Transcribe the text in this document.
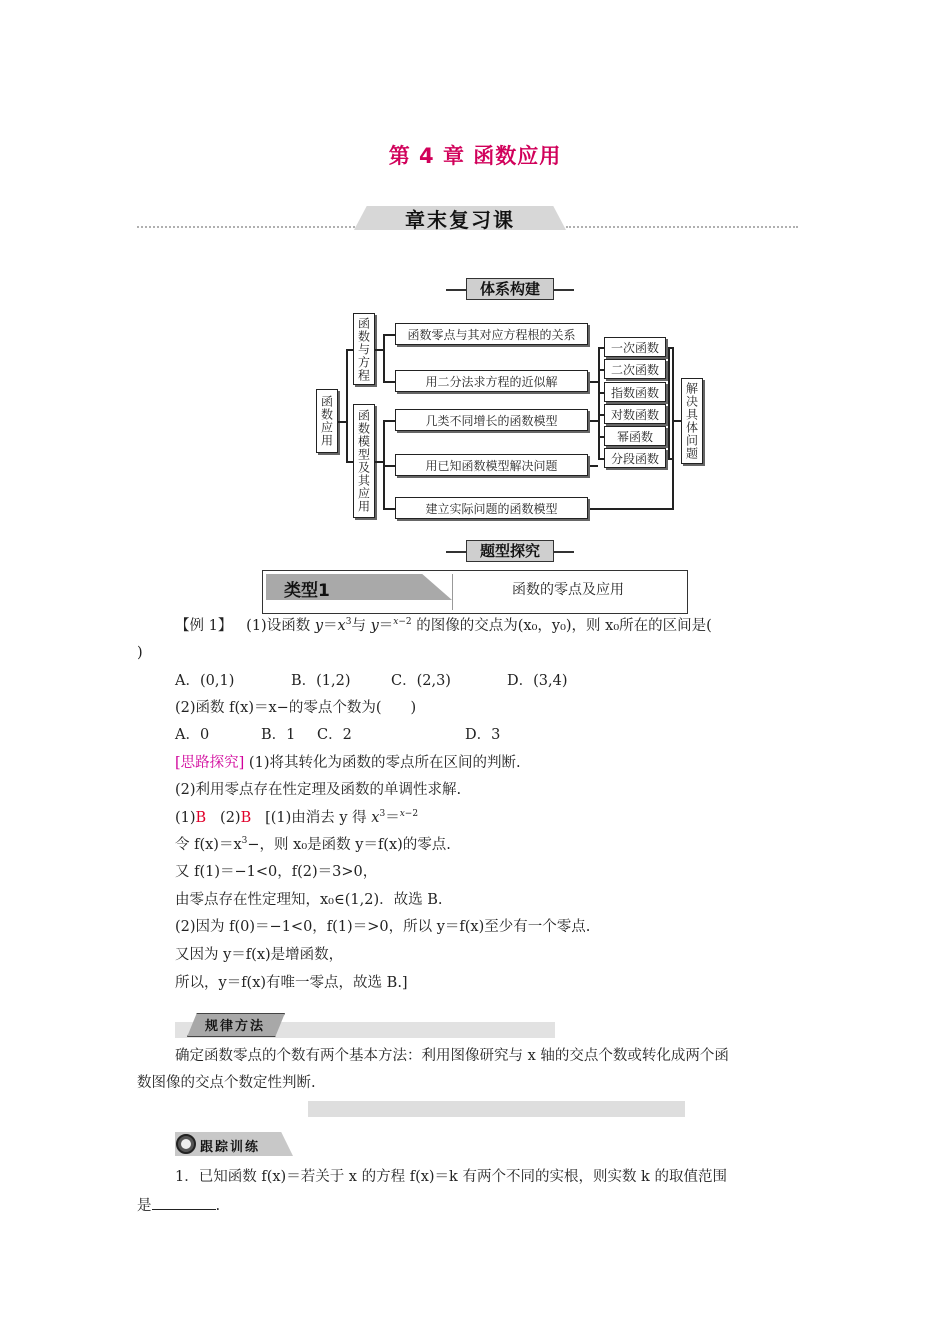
第 4 章 函数应用
章末复习课
体系构建
函数应用
函数与方程
函数模型及其应用
函数零点与其对应方程根的关系
用二分法求方程的近似解
几类不同增长的函数模型
用已知函数模型解决问题
建立实际问题的函数模型
一次函数
二次函数
指数函数
对数函数
幂函数
分段函数	解决具体问题
题型探究
类型1	函数的零点及应用
【例 1】 (1)设函数 $y=x^3$与 y＝$^{x-2}$ 的图像的交点为(x₀，y₀)，则 x₀所在的区间是(
)
A．(0,1)	B．(1,2)	C．(2,3)	D．(3,4)
(2)函数 f(x)＝x−的零点个数为(　　)
A．0	B．1 C．2	D．3
[思路探究] (1)将其转化为函数的零点所在区间的判断.
(2)利用零点存在性定理及函数的单调性求解.
(1)B (2)B [(1)由消去 y 得 $x^3=^{x-2}$
令 $f(x)=x^3-$，则 x₀是函数 y＝f(x)的零点.
又 f(1)＝−1<0，f(2)＝3>0，
由零点存在性定理知，x₀∈(1,2)．故选 B.
(2)因为 f(0)＝−1<0，f(1)＝>0，所以 y＝f(x)至少有一个零点.
又因为 y＝f(x)是增函数，
所以，y＝f(x)有唯一零点，故选 B.]
规律方法
确定函数零点的个数有两个基本方法：利用图像研究与 x 轴的交点个数或转化成两个函
数图像的交点个数定性判断.
跟踪训练
1．已知函数 f(x)＝若关于 x 的方程 f(x)＝k 有两个不同的实根，则实数 k 的取值范围
是	.
